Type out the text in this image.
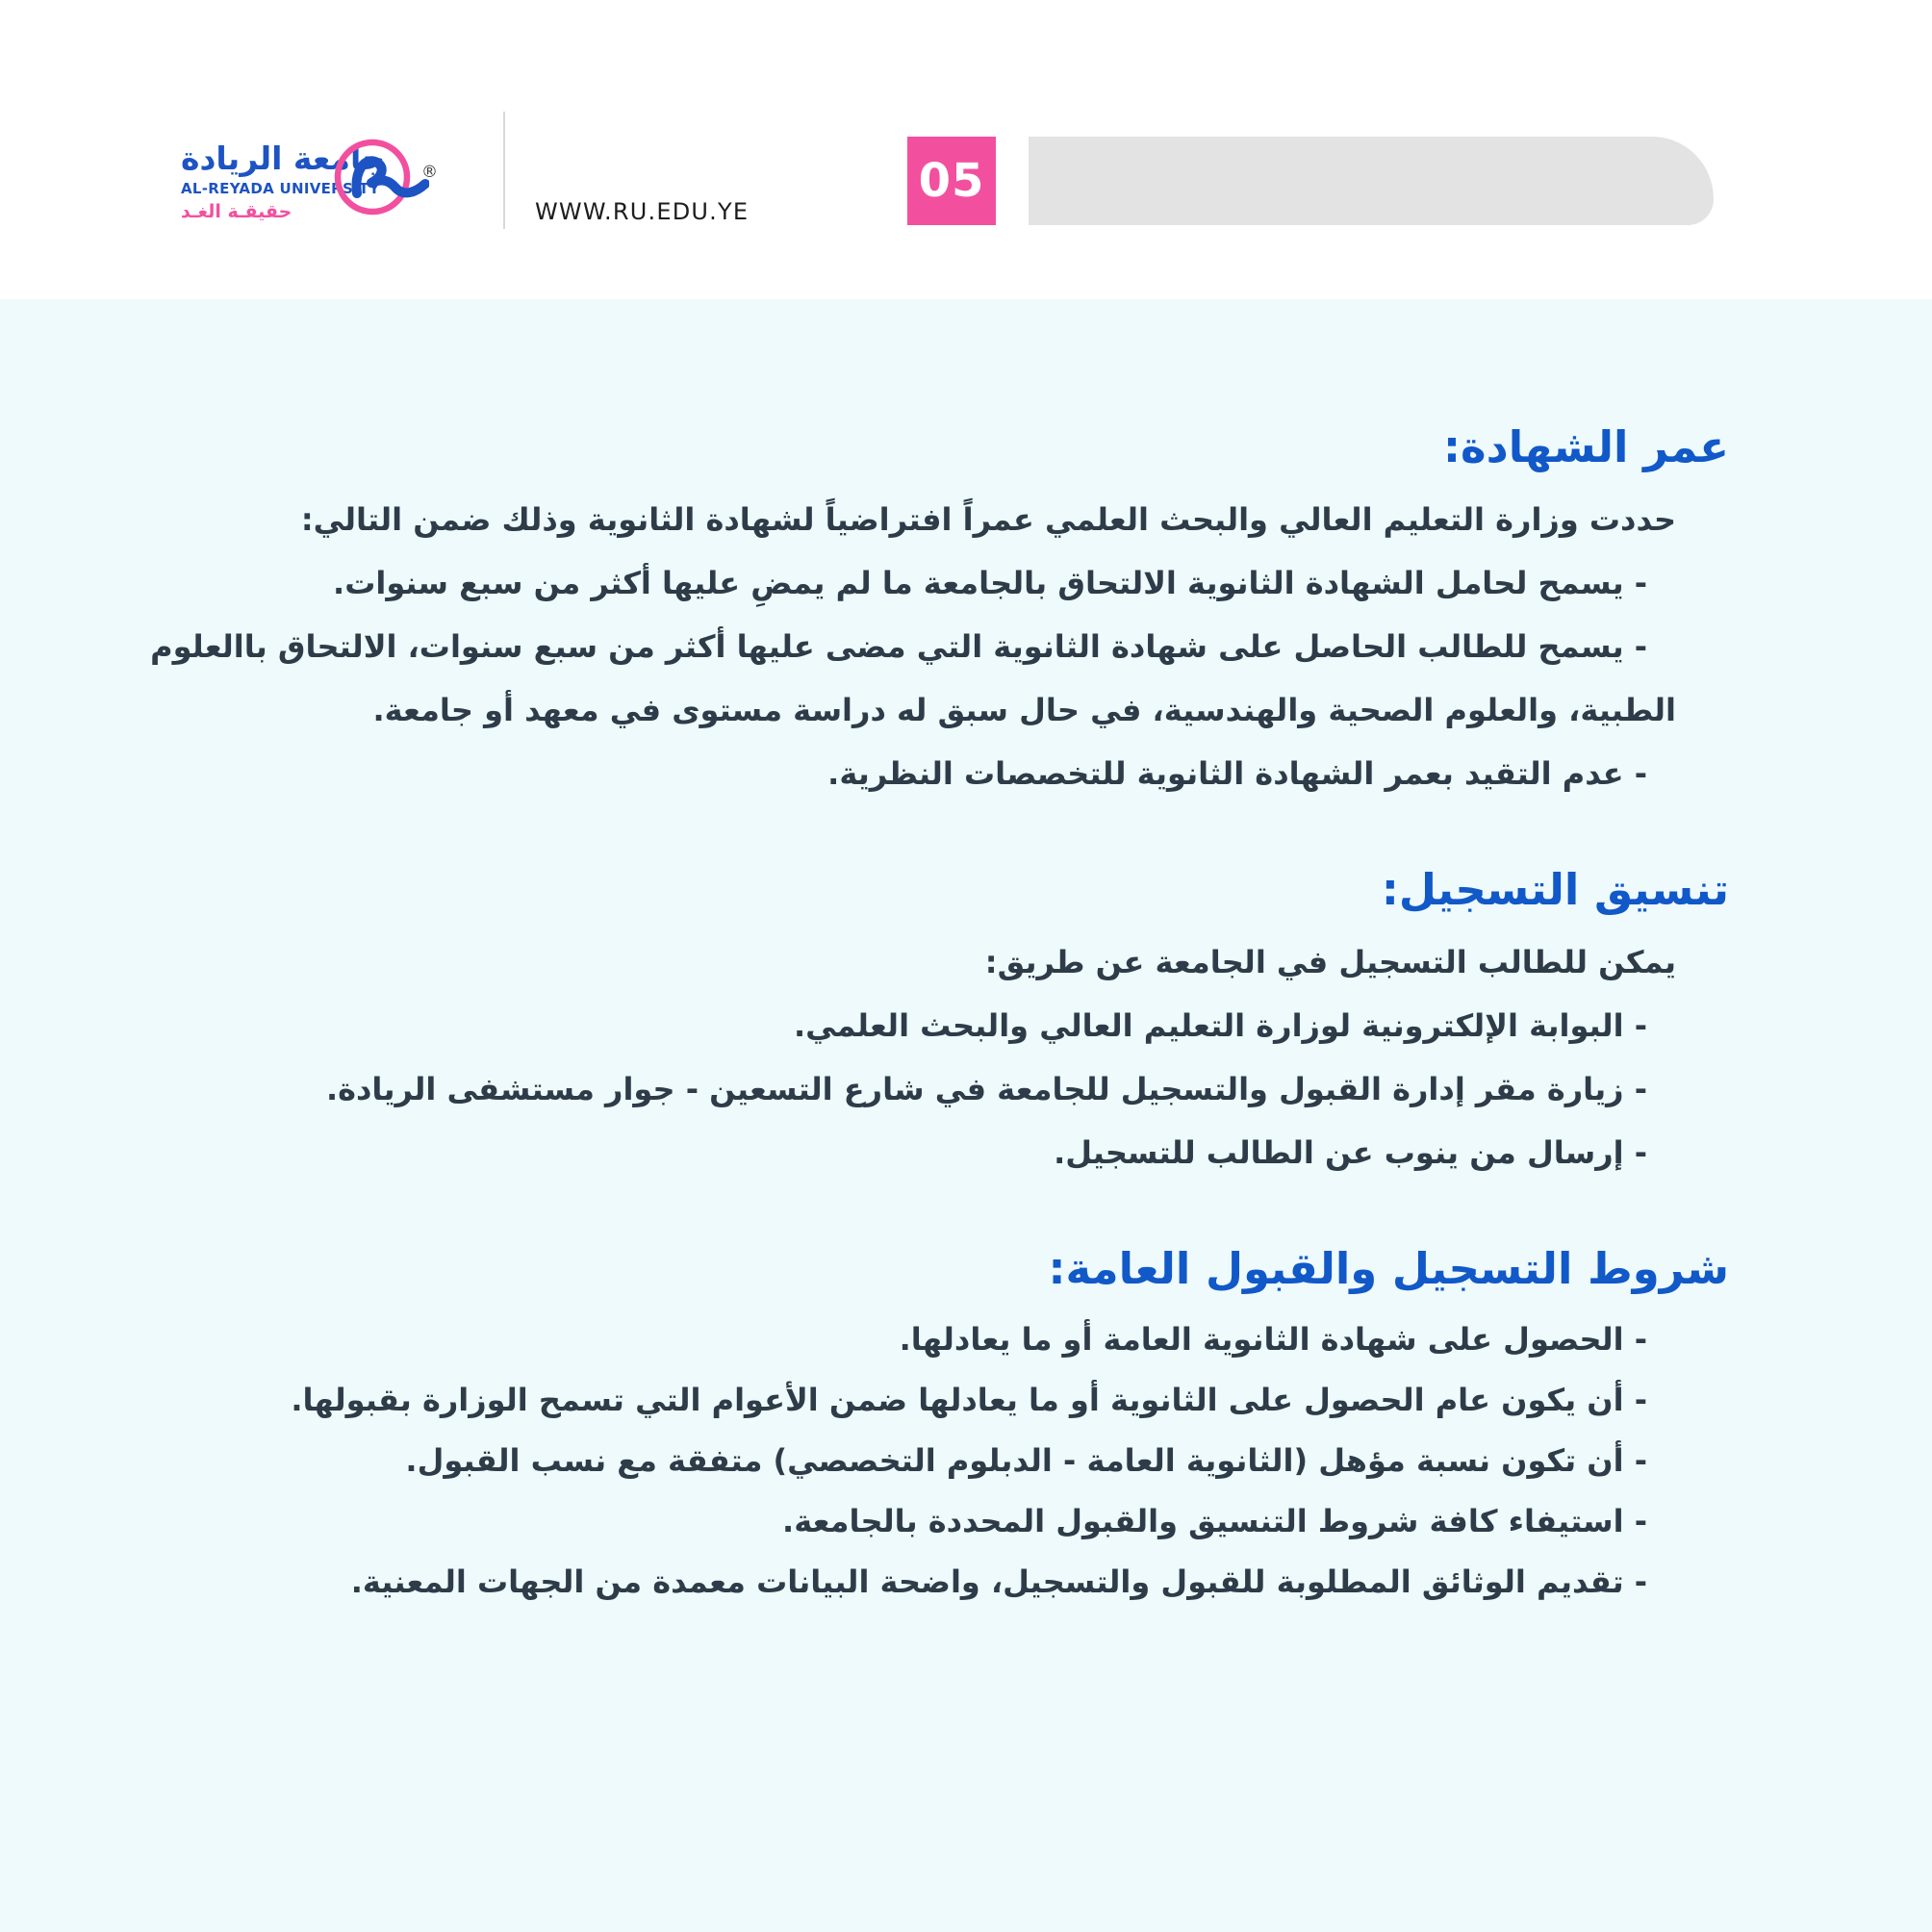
جامعة الريادة
AL-REYADA UNIVERSITY
حقيقـة الغـد
®
WWW.RU.EDU.YE
05
عمر الشهادة:
حددت وزارة التعليم العالي والبحث العلمي عمراً افتراضياً لشهادة الثانوية وذلك ضمن التالي:
- يسمح لحامل الشهادة الثانوية الالتحاق بالجامعة ما لم يمضِ عليها أكثر من سبع سنوات.
- يسمح للطالب الحاصل على شهادة الثانوية التي مضى عليها أكثر من سبع سنوات، الالتحاق باالعلوم
الطبية، والعلوم الصحية والهندسية، في حال سبق له دراسة مستوى في معهد أو جامعة.
- عدم التقيد بعمر الشهادة الثانوية للتخصصات النظرية.
تنسيق التسجيل:
يمكن للطالب التسجيل في الجامعة عن طريق:
- البوابة الإلكترونية لوزارة التعليم العالي والبحث العلمي.
- زيارة مقر إدارة القبول والتسجيل للجامعة في شارع التسعين - جوار مستشفى الريادة.
- إرسال من ينوب عن الطالب للتسجيل.
شروط التسجيل والقبول العامة:
- الحصول على شهادة الثانوية العامة أو ما يعادلها.
- أن يكون عام الحصول على الثانوية أو ما يعادلها ضمن الأعوام التي تسمح الوزارة بقبولها.
- أن تكون نسبة مؤهل (الثانوية العامة - الدبلوم التخصصي) متفقة مع نسب القبول.
- استيفاء كافة شروط التنسيق والقبول المحددة بالجامعة.
- تقديم الوثائق المطلوبة للقبول والتسجيل، واضحة البيانات معمدة من الجهات المعنية.
